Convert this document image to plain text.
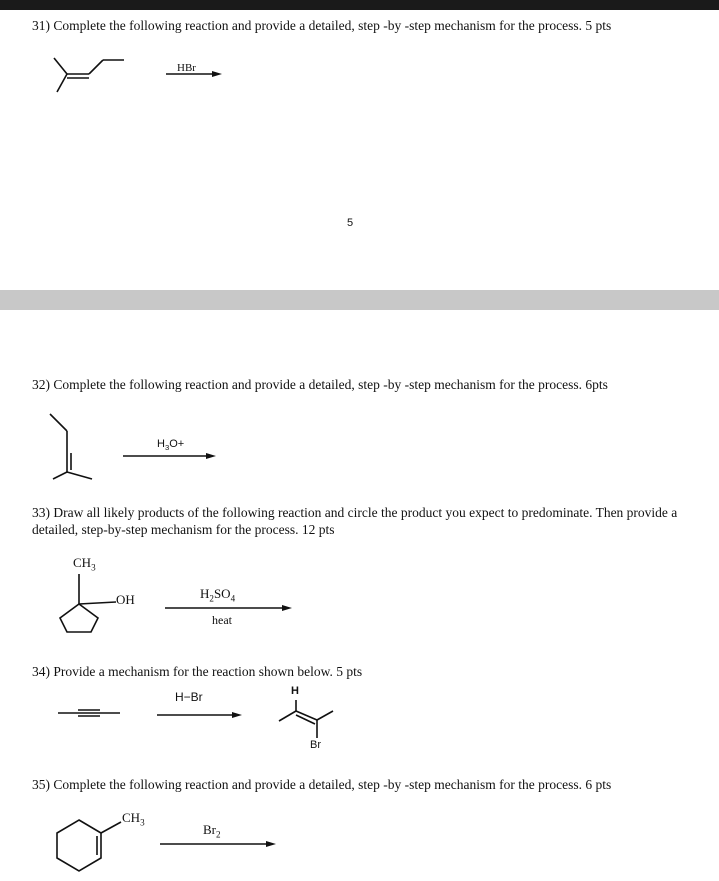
31) Complete the following reaction and provide a detailed, step -by -step mechanism for the process. 5 pts
HBr
5
32) Complete the following reaction and provide a detailed, step -by -step mechanism for the process. 6pts
$H_3O+$
33) Draw all likely products of the following reaction and circle the product you expect to predominate. Then provide a detailed, step-by-step mechanism for the process. 12 pts
$CH_3$
OH	$H_2SO_4$
heat
34) Provide a mechanism for the reaction shown below. 5 pts
H−Br	H
Br
35) Complete the following reaction and provide a detailed, step -by -step mechanism for the process. 6 pts
$CH_3$	$Br_2$
